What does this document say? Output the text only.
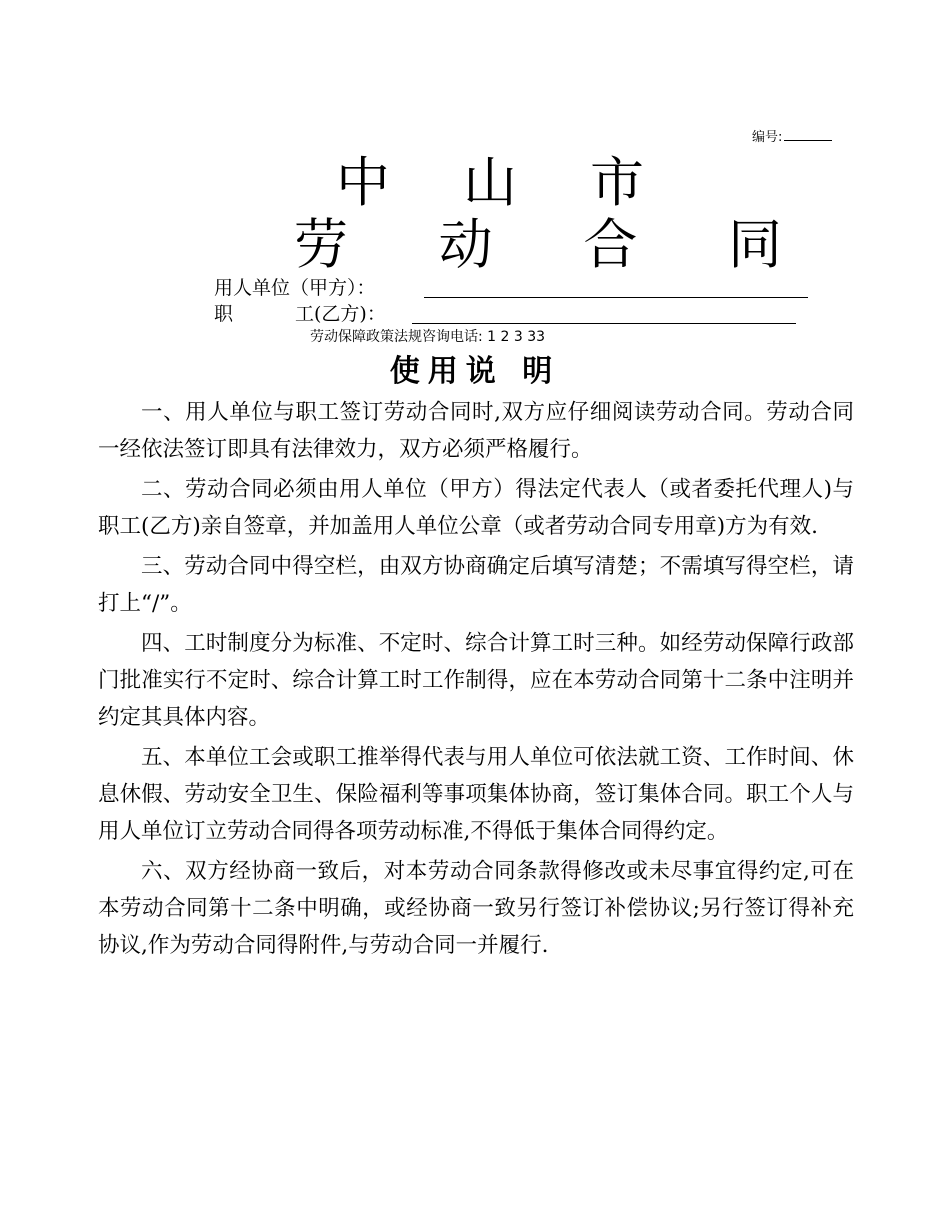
编号:
中 山 市
劳 动 合 同
用人单位（甲方）：
职	工(乙方)：
劳动保障政策法规咨询电话: 1 2 3 33
使用说 明

一、用人单位与职工签订劳动合同时,双方应仔细阅读劳动合同。劳动合同一经依法签订即具有法律效力，双方必须严格履行。

二、劳动合同必须由用人单位（甲方）得法定代表人（或者委托代理人)与职工(乙方)亲自签章，并加盖用人单位公章（或者劳动合同专用章)方为有效.

三、劳动合同中得空栏，由双方协商确定后填写清楚；不需填写得空栏，请打上“/”。

四、工时制度分为标准、不定时、综合计算工时三种。如经劳动保障行政部门批准实行不定时、综合计算工时工作制得，应在本劳动合同第十二条中注明并约定其具体内容。

五、本单位工会或职工推举得代表与用人单位可依法就工资、工作时间、休息休假、劳动安全卫生、保险福利等事项集体协商，签订集体合同。职工个人与用人单位订立劳动合同得各项劳动标准,不得低于集体合同得约定。

六、双方经协商一致后，对本劳动合同条款得修改或未尽事宜得约定,可在本劳动合同第十二条中明确，或经协商一致另行签订补偿协议;另行签订得补充协议,作为劳动合同得附件,与劳动合同一并履行.
